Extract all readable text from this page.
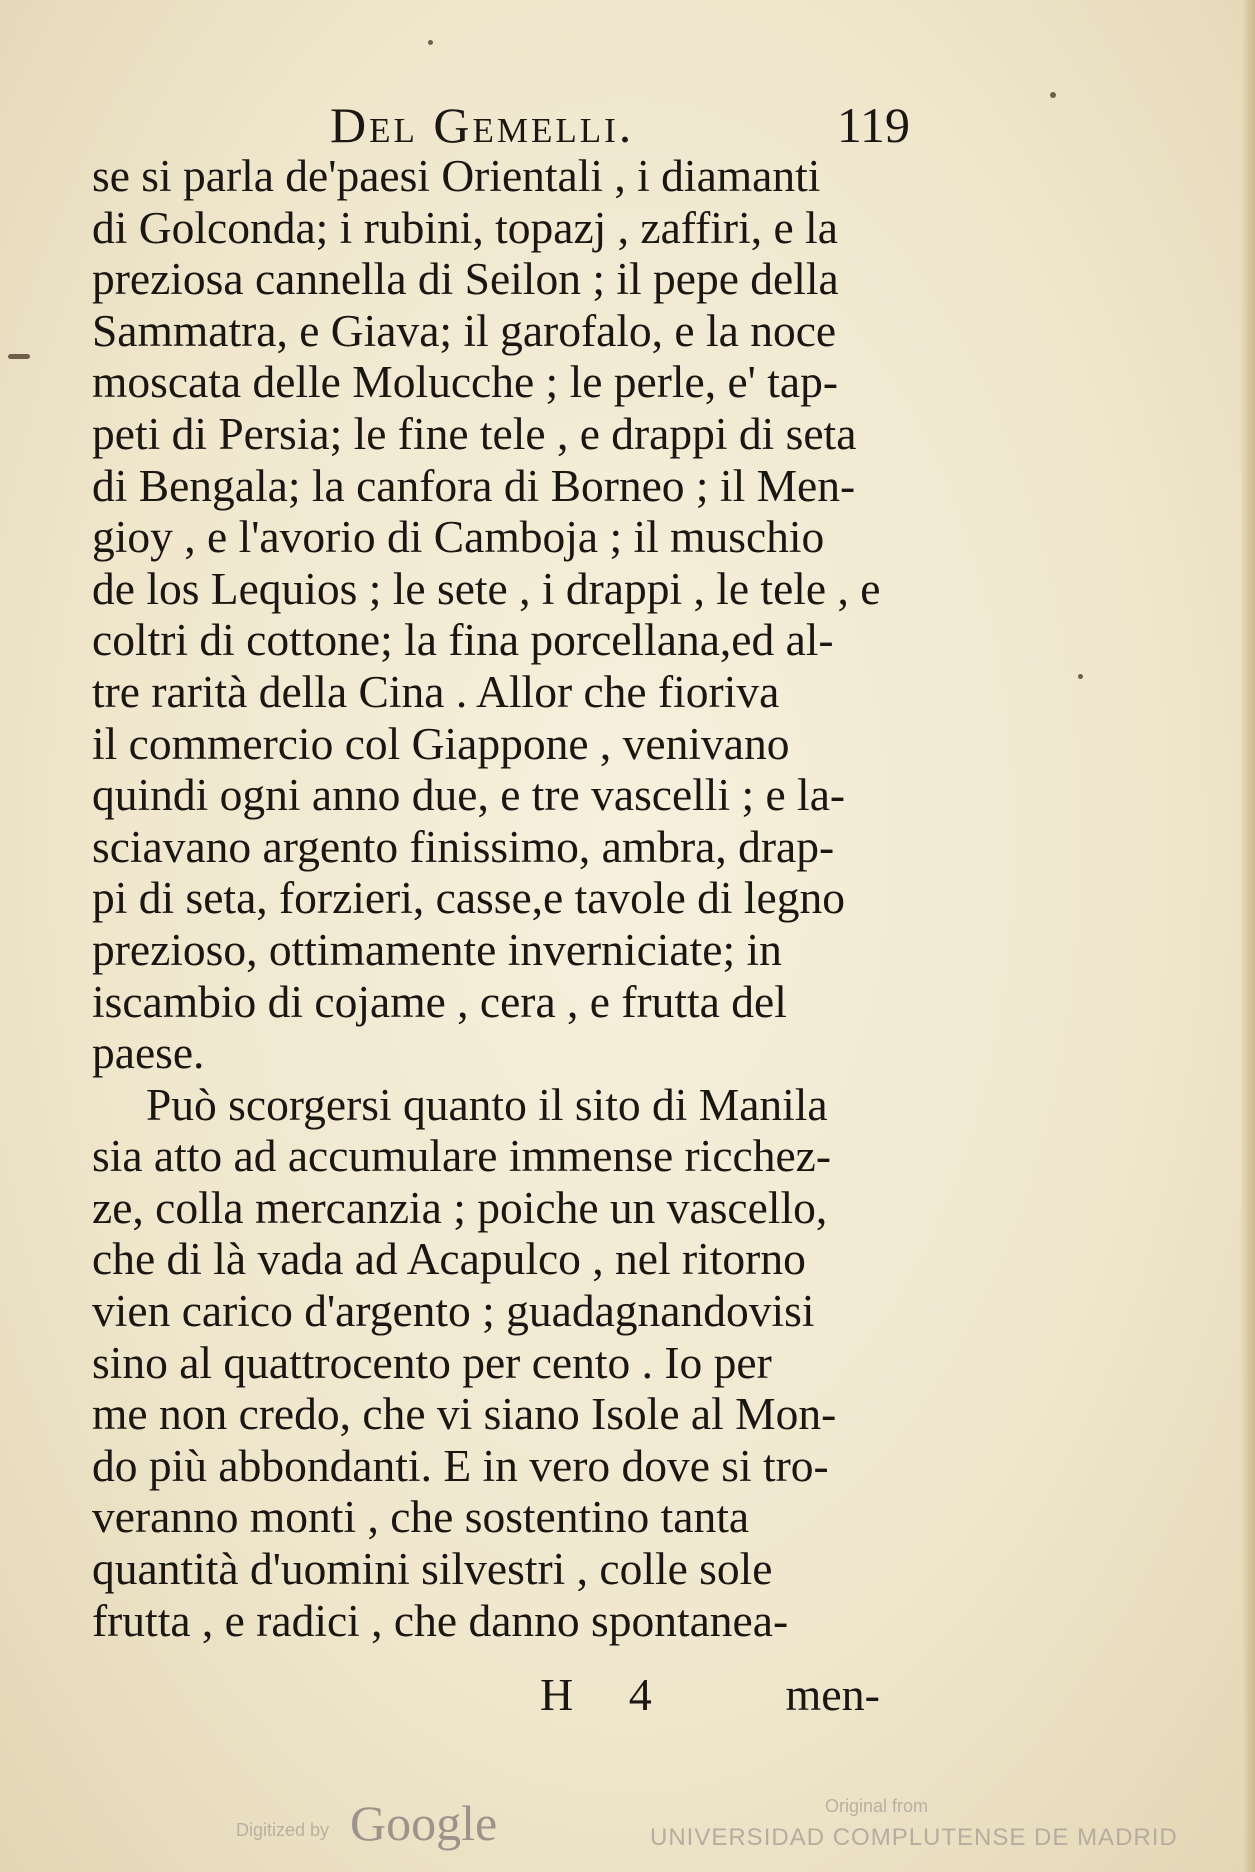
Del Gemelli.	119
se si parla de'paesi Orientali , i diamanti
di Golconda; i rubini, topazj , zaffiri, e la
preziosa cannella di Seilon ; il pepe della
Sammatra, e Giava; il garofalo, e la noce
moscata delle Molucche ; le perle, e' tap-
peti di Persia; le fine tele , e drappi di seta
di Bengala; la canfora di Borneo ; il Men-
gioy , e l'avorio di Camboja ; il muschio
de los Lequios ; le sete , i drappi , le tele , e
coltri di cottone; la fina porcellana,ed al-
tre rarità della Cina . Allor che fioriva
il commercio col Giappone , venivano
quindi ogni anno due, e tre vascelli ; e la-
sciavano argento finissimo, ambra, drap-
pi di seta, forzieri, casse,e tavole di legno
prezioso, ottimamente inverniciate; in
iscambio di cojame , cera , e frutta del
paese.
Può scorgersi quanto il sito di Manila
sia atto ad accumulare immense ricchez-
ze, colla mercanzia ; poiche un vascello,
che di là vada ad Acapulco , nel ritorno
vien carico d'argento ; guadagnandovisi
sino al quattrocento per cento . Io per
me non credo, che vi siano Isole al Mon-
do più abbondanti. E in vero dove si tro-
veranno monti , che sostentino tanta
quantità d'uomini silvestri , colle sole
frutta , e radici , che danno spontanea-
H 4 men-
Digitized by Google	Original from
UNIVERSIDAD COMPLUTENSE DE MADRID
